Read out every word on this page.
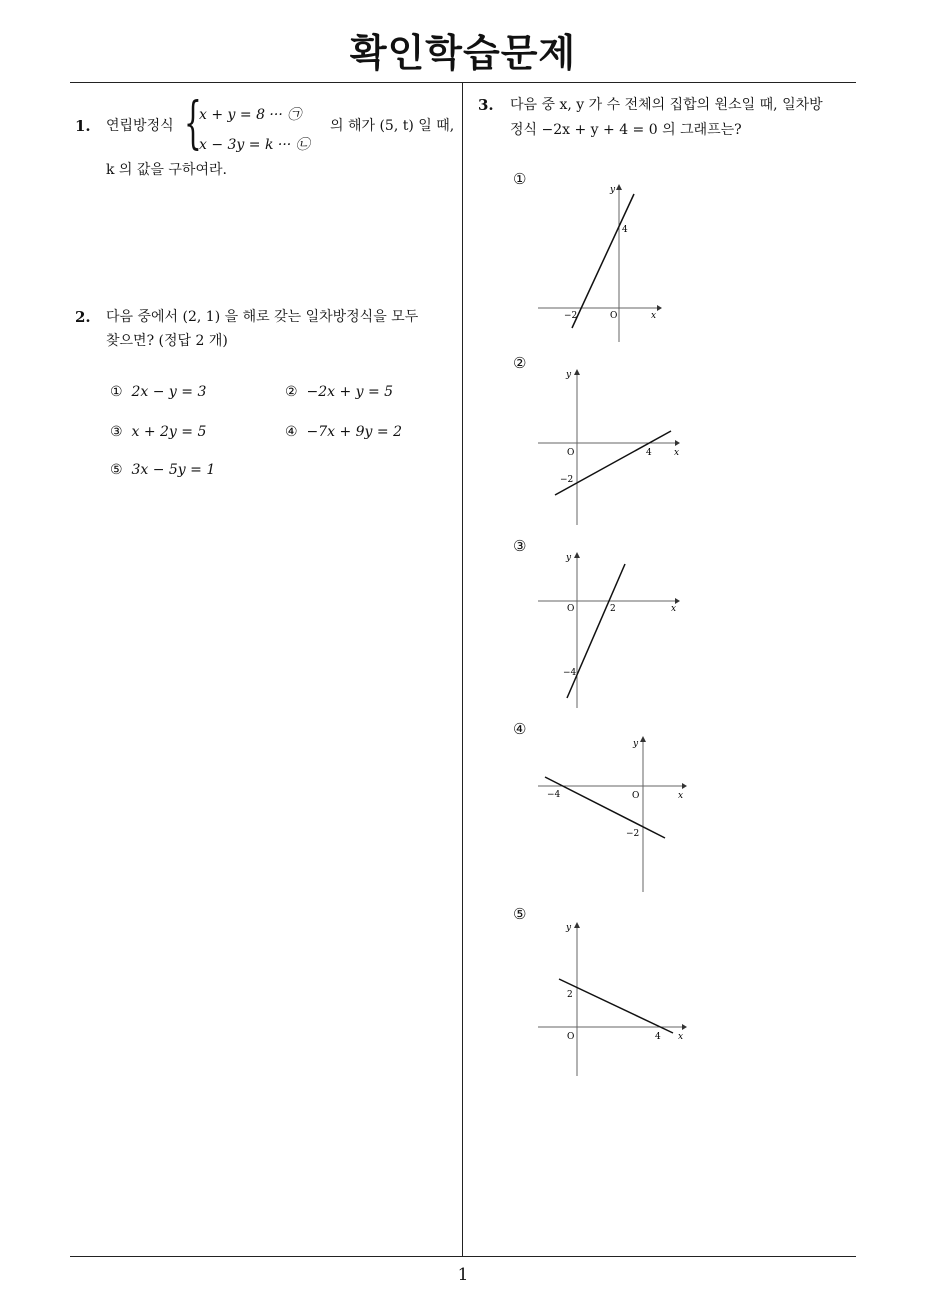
확인학습문제
1. 연립방정식 {
x + y = 8 ··· ㉠
x − 3y = k ··· ㉡
의 해가 (5, t) 일 때,
k 의 값을 구하여라.
2. 다음 중에서 (2, 1) 을 해로 갖는 일차방정식을 모두
찾으면? (정답 2 개)
① 2x − y = 3	② −2x + y = 5
③ x + 2y = 5	④ −7x + 9y = 2
⑤ 3x − 5y = 1
3. 다음 중 x, y 가 수 전체의 집합의 원소일 때, 일차방
정식 −2x + y + 4 = 0 의 그래프는?
①
x
y
O
−2
4
②
x
y
O	4
−2
③
x
y
O	2
−4
④
x
y
O
−4
−2
⑤
x
y
O	4
2
1
